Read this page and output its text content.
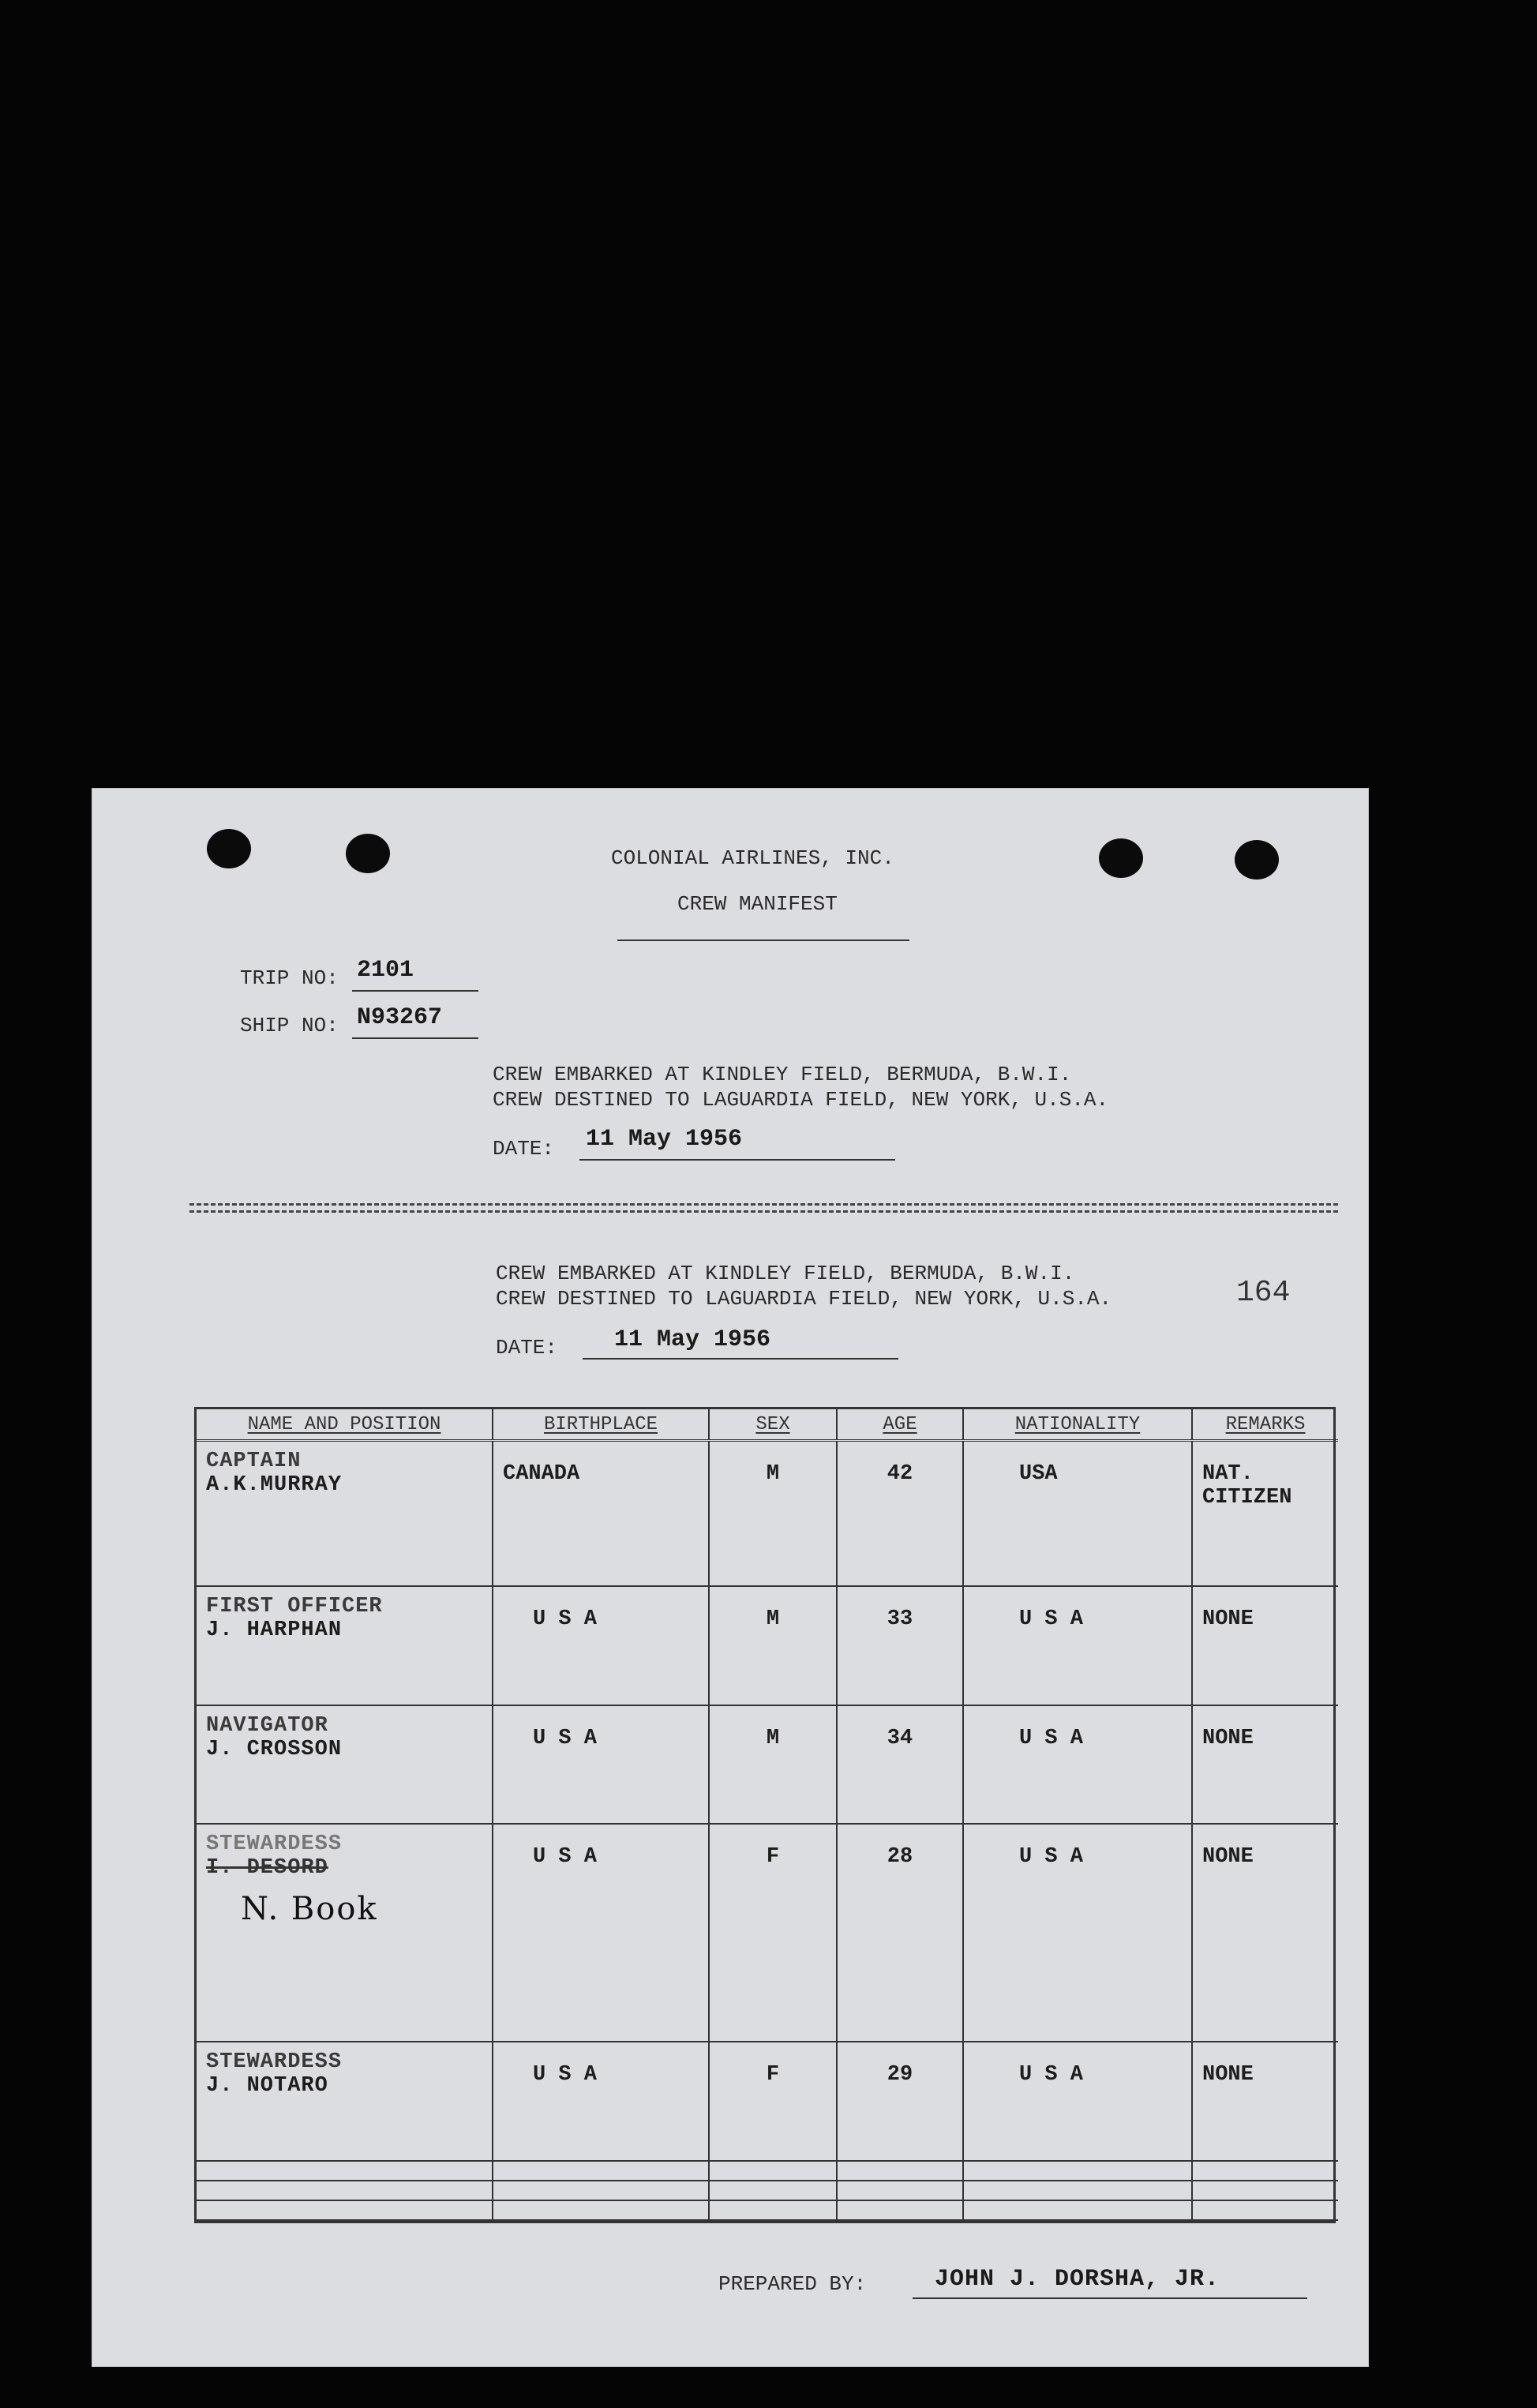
COLONIAL AIRLINES, INC.
CREW MANIFEST
TRIP NO: 2101
SHIP NO: N93267
CREW EMBARKED AT KINDLEY FIELD, BERMUDA, B.W.I.
CREW DESTINED TO LAGUARDIA FIELD, NEW YORK, U.S.A.
DATE: 11 May 1956
CREW EMBARKED AT KINDLEY FIELD, BERMUDA, B.W.I.
CREW DESTINED TO LAGUARDIA FIELD, NEW YORK, U.S.A.	164
DATE: 11 May 1956
NAME AND POSITION	BIRTHPLACE	SEX	AGE	NATIONALITY	REMARKS

CAPTAIN
A.K.MURRAY	CANADA	M	42	USA	NAT. CITIZEN

FIRST OFFICER
J. HARPHAN	U S A	M	33	U S A	NONE

NAVIGATOR
J. CROSSON	U S A	M	34	U S A	NONE

STEWARDESS
I. DESORD
N. Book	U S A	F	28	U S A	NONE

STEWARDESS
J. NOTARO	U S A	F	29	U S A	NONE

PREPARED BY:	JOHN J. DORSHA, JR.
